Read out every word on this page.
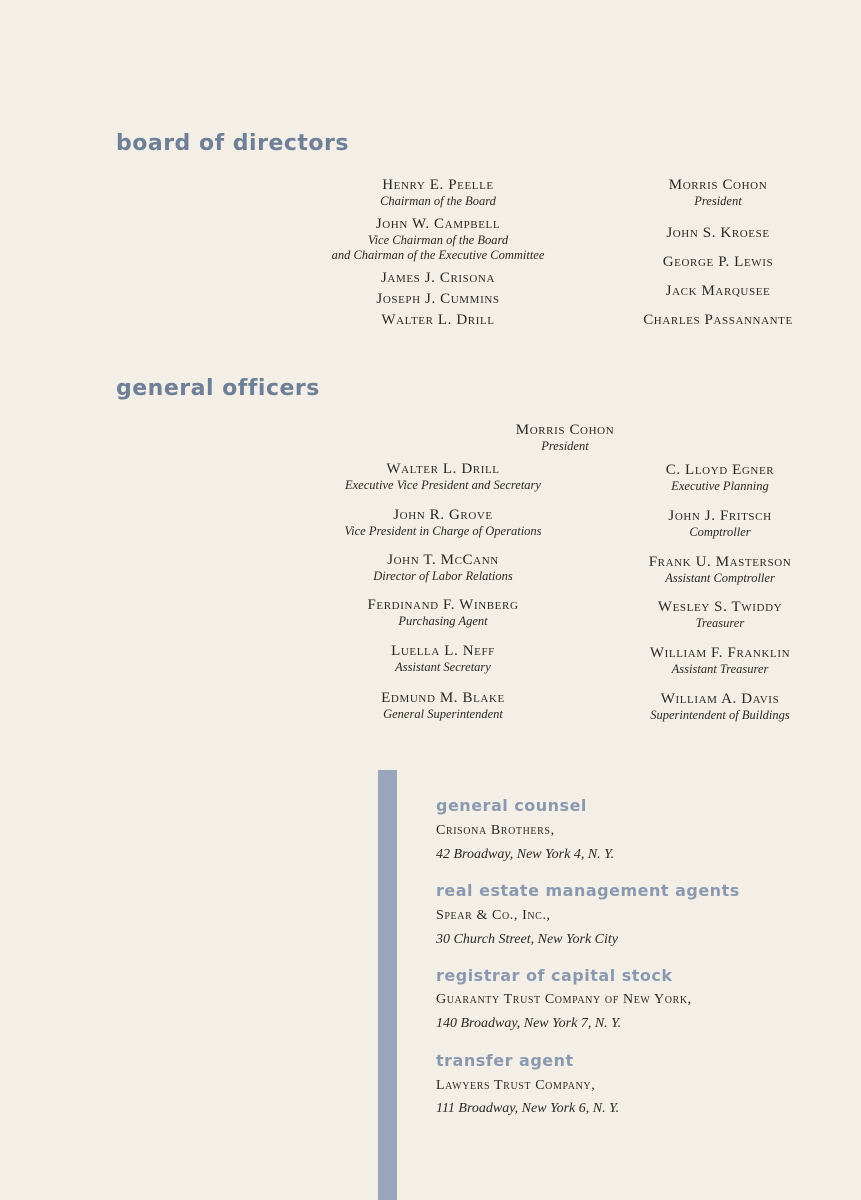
board of directors
Henry E. Peelle
Chairman of the Board
John W. Campbell
Vice Chairman of the Board
and Chairman of the Executive Committee
James J. Crisona
Joseph J. Cummins
Walter L. Drill
Morris Cohon
President
John S. Kroese
George P. Lewis
Jack Marqusee
Charles Passannante
general officers
Morris Cohon
President
Walter L. Drill
Executive Vice President and Secretary
John R. Grove
Vice President in Charge of Operations
John T. McCann
Director of Labor Relations
Ferdinand F. Winberg
Purchasing Agent
Luella L. Neff
Assistant Secretary
Edmund M. Blake
General Superintendent
C. Lloyd Egner
Executive Planning
John J. Fritsch
Comptroller
Frank U. Masterson
Assistant Comptroller
Wesley S. Twiddy
Treasurer
William F. Franklin
Assistant Treasurer
William A. Davis
Superintendent of Buildings
general counsel
Crisona Brothers,
42 Broadway, New York 4, N. Y.
real estate management agents
Spear & Co., Inc.,
30 Church Street, New York City
registrar of capital stock
Guaranty Trust Company of New York,
140 Broadway, New York 7, N. Y.
transfer agent
Lawyers Trust Company,
111 Broadway, New York 6, N. Y.
